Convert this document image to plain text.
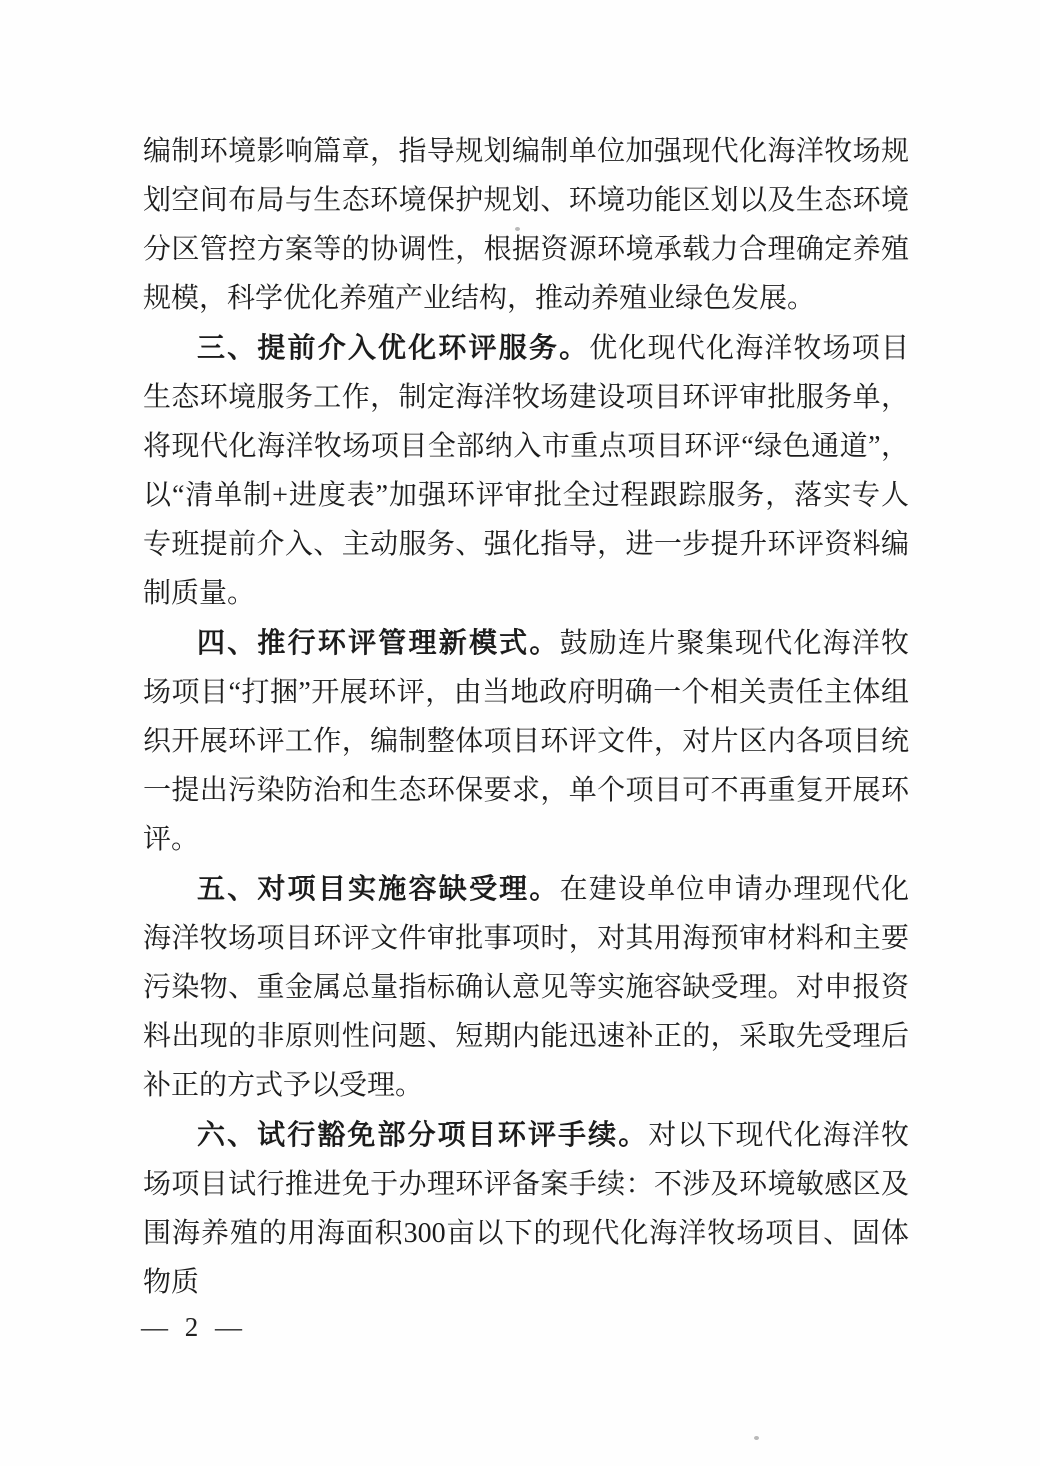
编制环境影响篇章，指导规划编制单位加强现代化海洋牧场规划空间布局与生态环境保护规划、环境功能区划以及生态环境分区管控方案等的协调性，根据资源环境承载力合理确定养殖规模，科学优化养殖产业结构，推动养殖业绿色发展。

三、提前介入优化环评服务。优化现代化海洋牧场项目生态环境服务工作，制定海洋牧场建设项目环评审批服务单，将现代化海洋牧场项目全部纳入市重点项目环评“绿色通道”，以“清单制+进度表”加强环评审批全过程跟踪服务，落实专人专班提前介入、主动服务、强化指导，进一步提升环评资料编制质量。

四、推行环评管理新模式。鼓励连片聚集现代化海洋牧场项目“打捆”开展环评，由当地政府明确一个相关责任主体组织开展环评工作，编制整体项目环评文件，对片区内各项目统一提出污染防治和生态环保要求，单个项目可不再重复开展环评。

五、对项目实施容缺受理。在建设单位申请办理现代化海洋牧场项目环评文件审批事项时，对其用海预审材料和主要污染物、重金属总量指标确认意见等实施容缺受理。对申报资料出现的非原则性问题、短期内能迅速补正的，采取先受理后补正的方式予以受理。

六、试行豁免部分项目环评手续。对以下现代化海洋牧场项目试行推进免于办理环评备案手续：不涉及环境敏感区及围海养殖的用海面积300亩以下的现代化海洋牧场项目、固体物质

— 2 —
